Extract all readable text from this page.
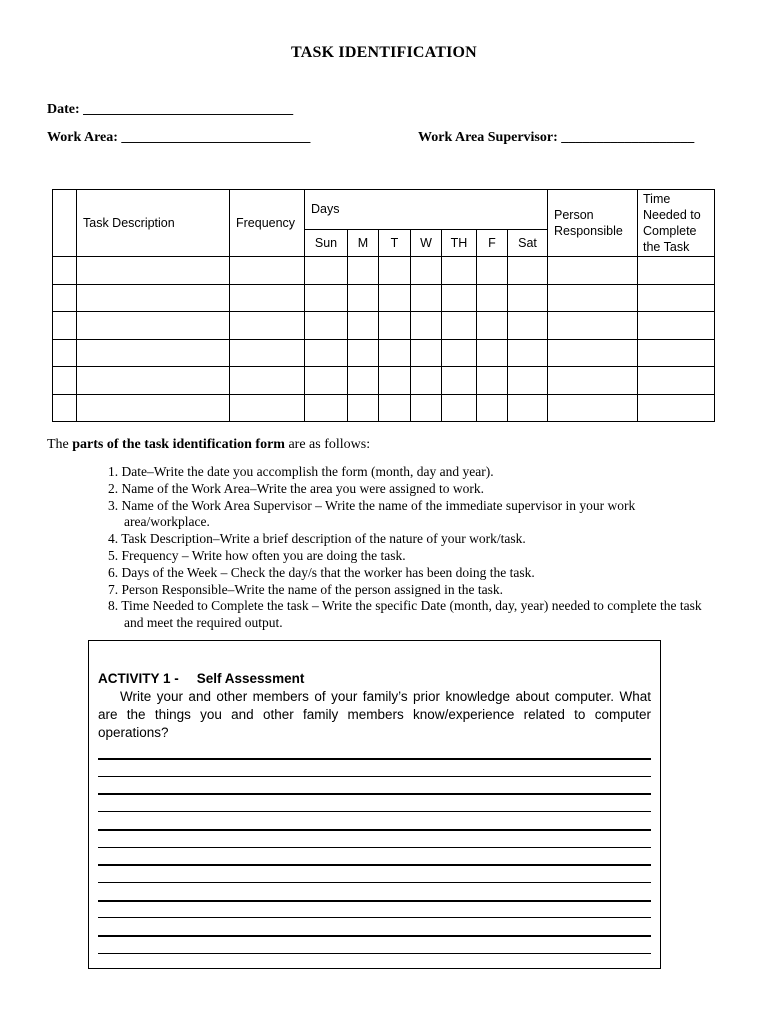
TASK IDENTIFICATION
Date: ______________________________
Work Area: ___________________________	Work Area Supervisor: ___________________
	Task Description	Frequency	Days							Person Responsible	Time
Needed to
Complete
the Task
			Sun	M	T	W	TH	F	Sat		

The parts of the task identification form are as follows:
1. Date–Write the date you accomplish the form (month, day and year).
2. Name of the Work Area–Write the area you were assigned to work.
3. Name of the Work Area Supervisor – Write the name of the immediate supervisor in your work area/workplace.
4. Task Description–Write a brief description of the nature of your work/task.
5. Frequency – Write how often you are doing the task.
6. Days of the Week – Check the day/s that the worker has been doing the task.
7. Person Responsible–Write the name of the person assigned in the task.
8. Time Needed to Complete the task – Write the specific Date (month, day, year) needed to complete the task and meet the required output.
ACTIVITY 1 - Self Assessment
Write your and other members of your family’s prior knowledge about computer. What are the things you and other family members know/experience related to computer operations?
